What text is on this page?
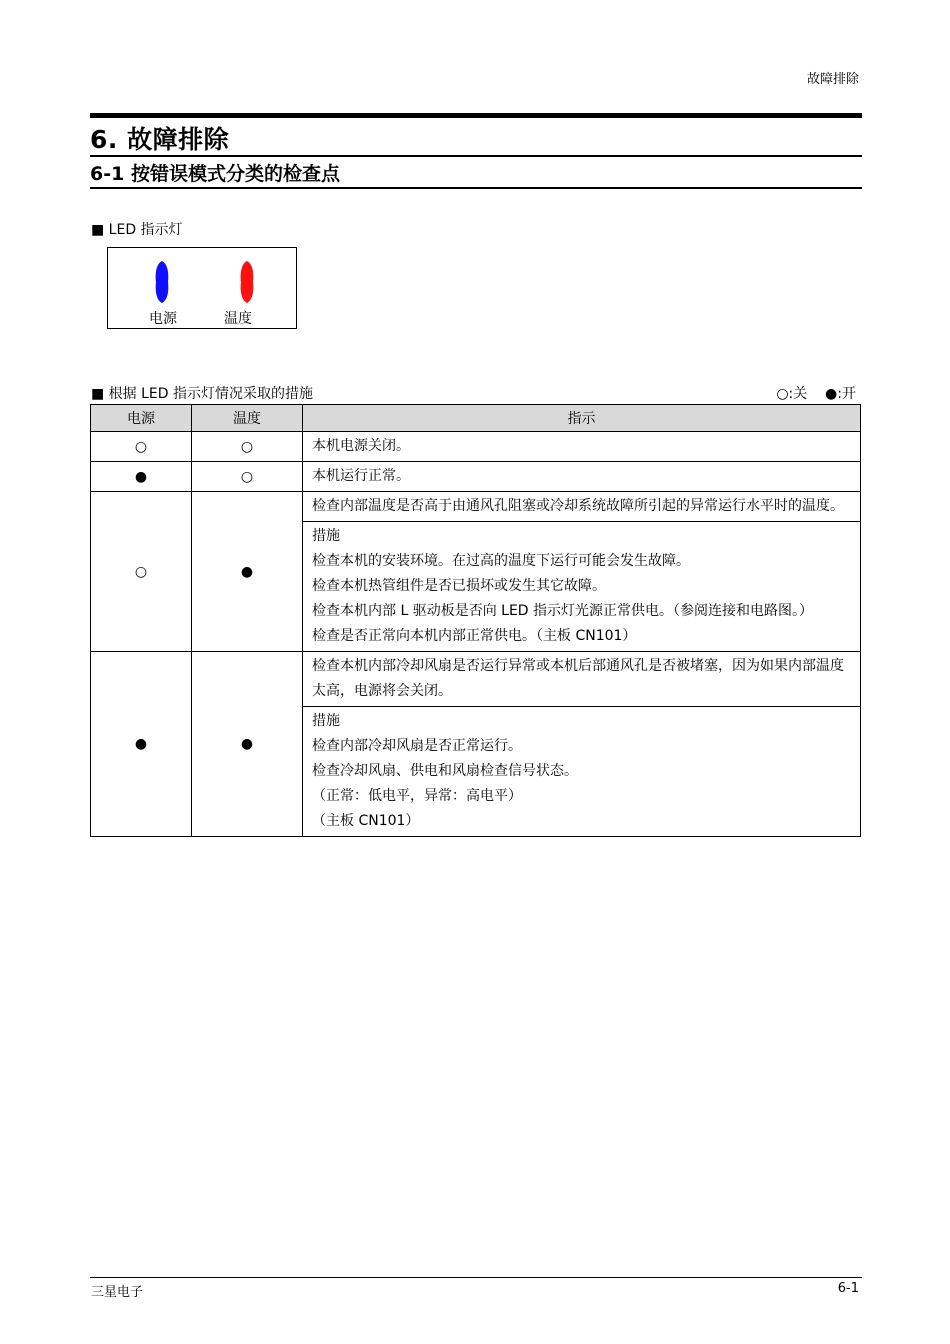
故障排除
6. 故障排除
6-1 按错误模式分类的检查点
■ LED 指示灯
电源	温度
■ 根据 LED 指示灯情况采取的措施	○:关    ●:开
电源	温度	指示
○	○	本机电源关闭。

●	○	本机运行正常。

○	●	检查内部温度是否高于由通风孔阻塞或冷却系统故障所引起的异常运行水平时的温度。

		措施
检查本机的安装环境。在过高的温度下运行可能会发生故障。
检查本机热管组件是否已损坏或发生其它故障。
检查本机内部 L 驱动板是否向 LED 指示灯光源正常供电。（参阅连接和电路图。）
检查是否正常向本机内部正常供电。（主板 CN101）

●	●	检查本机内部冷却风扇是否运行异常或本机后部通风孔是否被堵塞，因为如果内部温度太高，电源将会关闭。

		措施
检查内部冷却风扇是否正常运行。
检查冷却风扇、供电和风扇检查信号状态。
（正常：低电平，异常：高电平）
（主板 CN101）
三星电子	6-1
